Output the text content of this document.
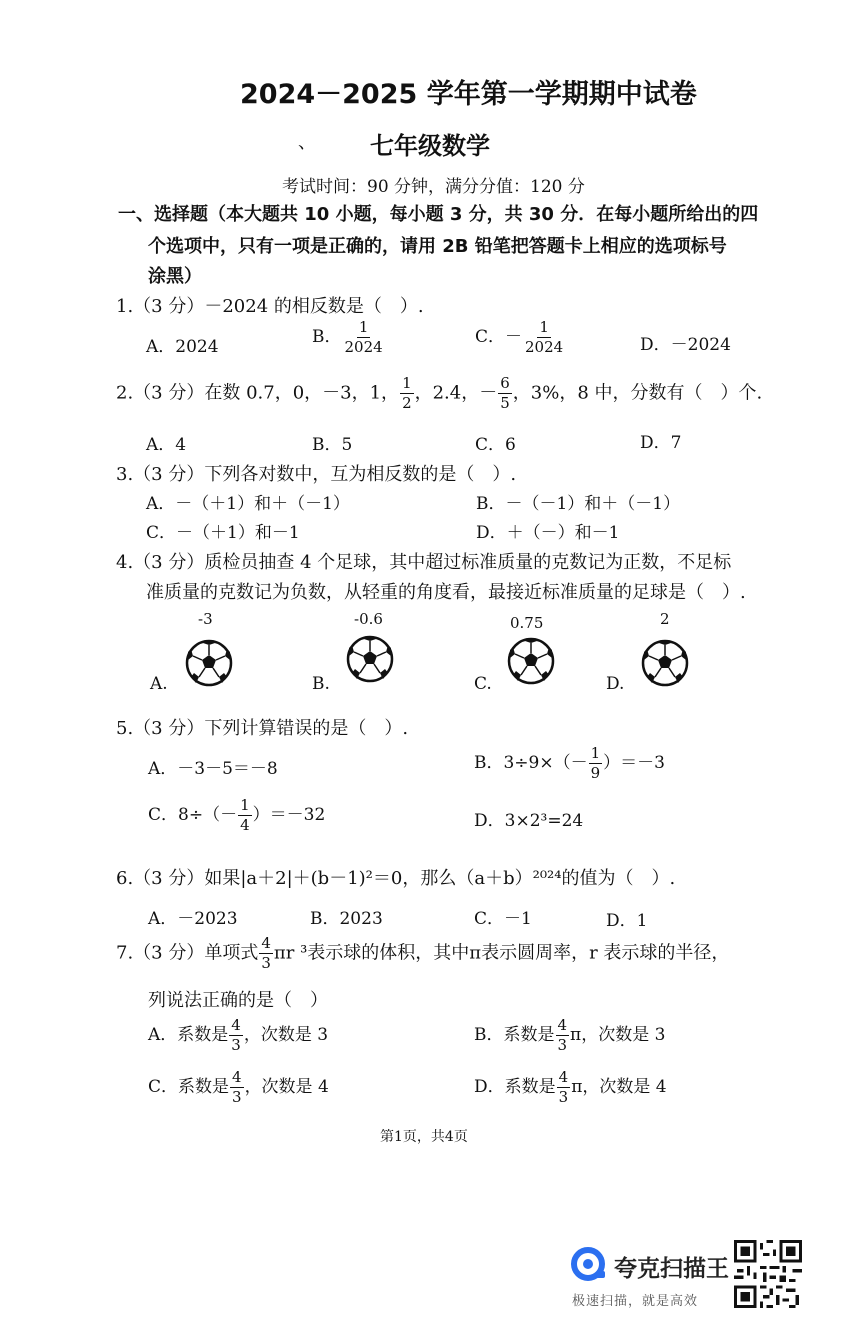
2024－2025 学年第一学期期中试卷
、 七年级数学
考试时间：90 分钟，满分分值：120 分
一、选择题（本大题共 10 小题，每小题 3 分，共 30 分．在每小题所给出的四
个选项中，只有一项是正确的，请用 2B 铅笔把答题卡上相应的选项标号
涂黑）
1.（3 分）－2024 的相反数是（　）.
A．2024	B． $\frac{1}{2024}$	C．－ $\frac{1}{2024}$	D．－2024
2.（3 分）在数 0.7，0，－3，1， $\frac{1}{2}$ ，2.4，－ $\frac{6}{5}$ ，3%，8 中，分数有（　）个.
A．4	B．5	C．6	D．7
3.（3 分）下列各对数中，互为相反数的是（　）.
A．－（＋1）和＋（－1）	B．－（－1）和＋（－1）
C．－（＋1）和－1	D．＋（－）和－1
4.（3 分）质检员抽查 4 个足球，其中超过标准质量的克数记为正数，不足标
准质量的克数记为负数，从轻重的角度看，最接近标准质量的足球是（　）.
-3	-0.6	0.75	2
A.	B.	C.	D.
5.（3 分）下列计算错误的是（　）.
A．－3－5＝－8	B．$3\div 9\times(- \frac{1}{9} )=-3$
C．$8\div(- \frac{1}{4} )=-32$	D．3×2³=24
6.（3 分）如果|a＋2|＋(b－1)²＝0，那么（a＋b）²⁰²⁴的值为（　）.
A．－2023	B．2023	C．－1	D．1
7.（3 分）单项式 $\frac{4}{3}$ πr ³表示球的体积，其中π表示圆周率，r 表示球的半径，
列说法正确的是（　）
A．系数是 $\frac{4}{3}$ ，次数是 3	B．系数是 $\frac{4}{3}$ π，次数是 3
C．系数是 $\frac{4}{3}$ ，次数是 4	D．系数是 $\frac{4}{3}$ π，次数是 4
第1页，共4页
夸克扫描王
极速扫描，就是高效
